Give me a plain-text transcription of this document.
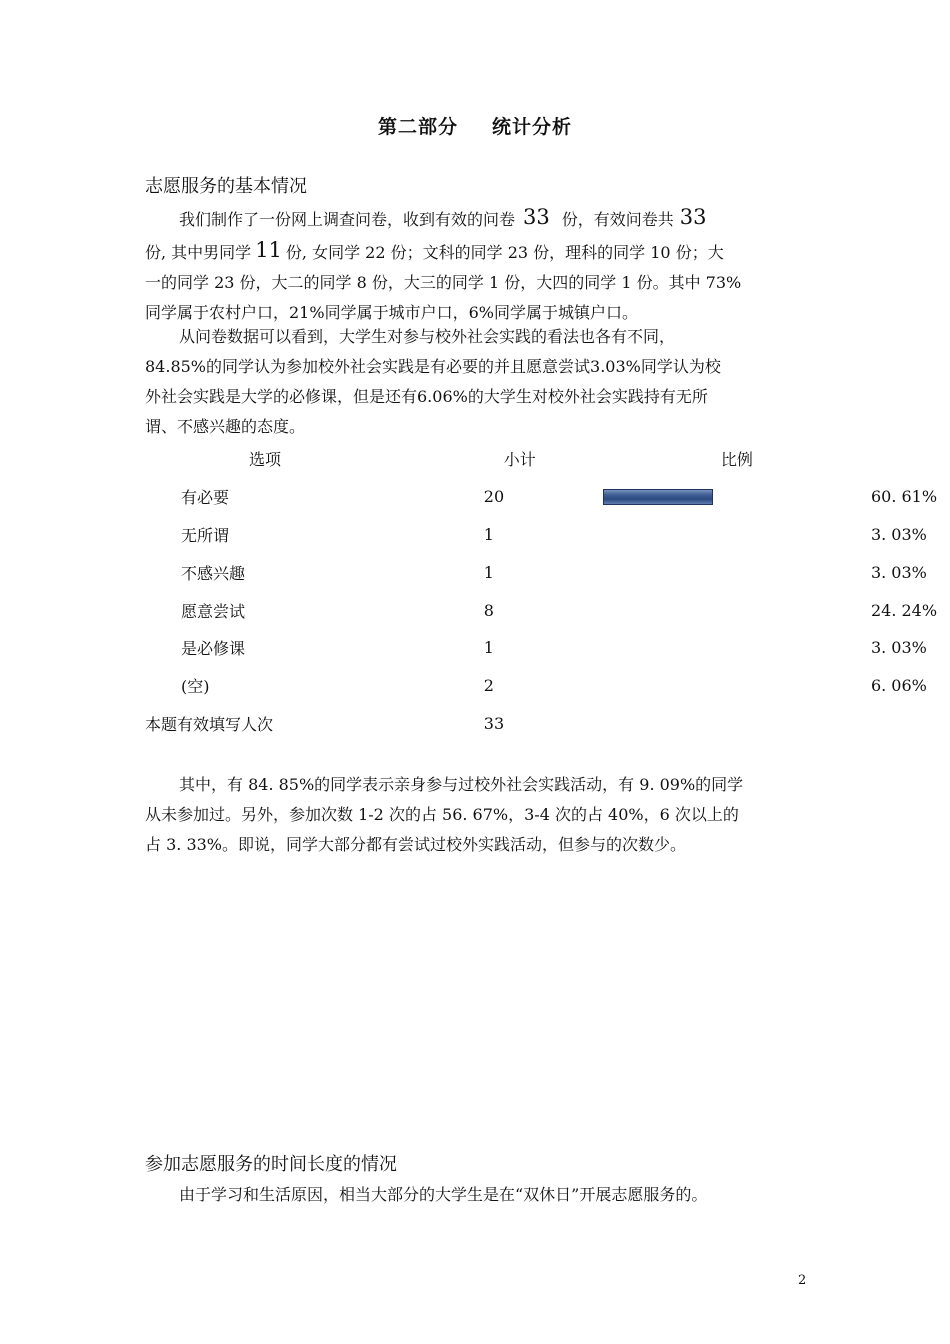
第二部分 统计分析
志愿服务的基本情况
我们制作了一份网上调查问卷，收到有效的问卷 33 份，有效问卷共 33
份, 其中男同学 11 份, 女同学 22 份；文科的同学 23 份，理科的同学 10 份；大
一的同学 23 份，大二的同学 8 份，大三的同学 1 份，大四的同学 1 份。其中 73%
同学属于农村户口，21%同学属于城市户口，6%同学属于城镇户口。
从问卷数据可以看到，大学生对参与校外社会实践的看法也各有不同，
84.85%的同学认为参加校外社会实践是有必要的并且愿意尝试3.03%同学认为校
外社会实践是大学的必修课，但是还有6.06%的大学生对校外社会实践持有无所
谓、不感兴趣的态度。
选项	小计	比例	
有必要	20		60. 61%
无所谓	1		3. 03%
不感兴趣	1		3. 03%
愿意尝试	8		24. 24%
是必修课	1		3. 03%
(空)	2		6. 06%
本题有效填写人次	33		
其中，有 84. 85%的同学表示亲身参与过校外社会实践活动，有 9. 09%的同学
从未参加过。另外，参加次数 1-2 次的占 56. 67%，3-4 次的占 40%，6 次以上的
占 3. 33%。即说，同学大部分都有尝试过校外实践活动，但参与的次数少。
参加志愿服务的时间长度的情况
由于学习和生活原因，相当大部分的大学生是在“双休日”开展志愿服务的。
2
